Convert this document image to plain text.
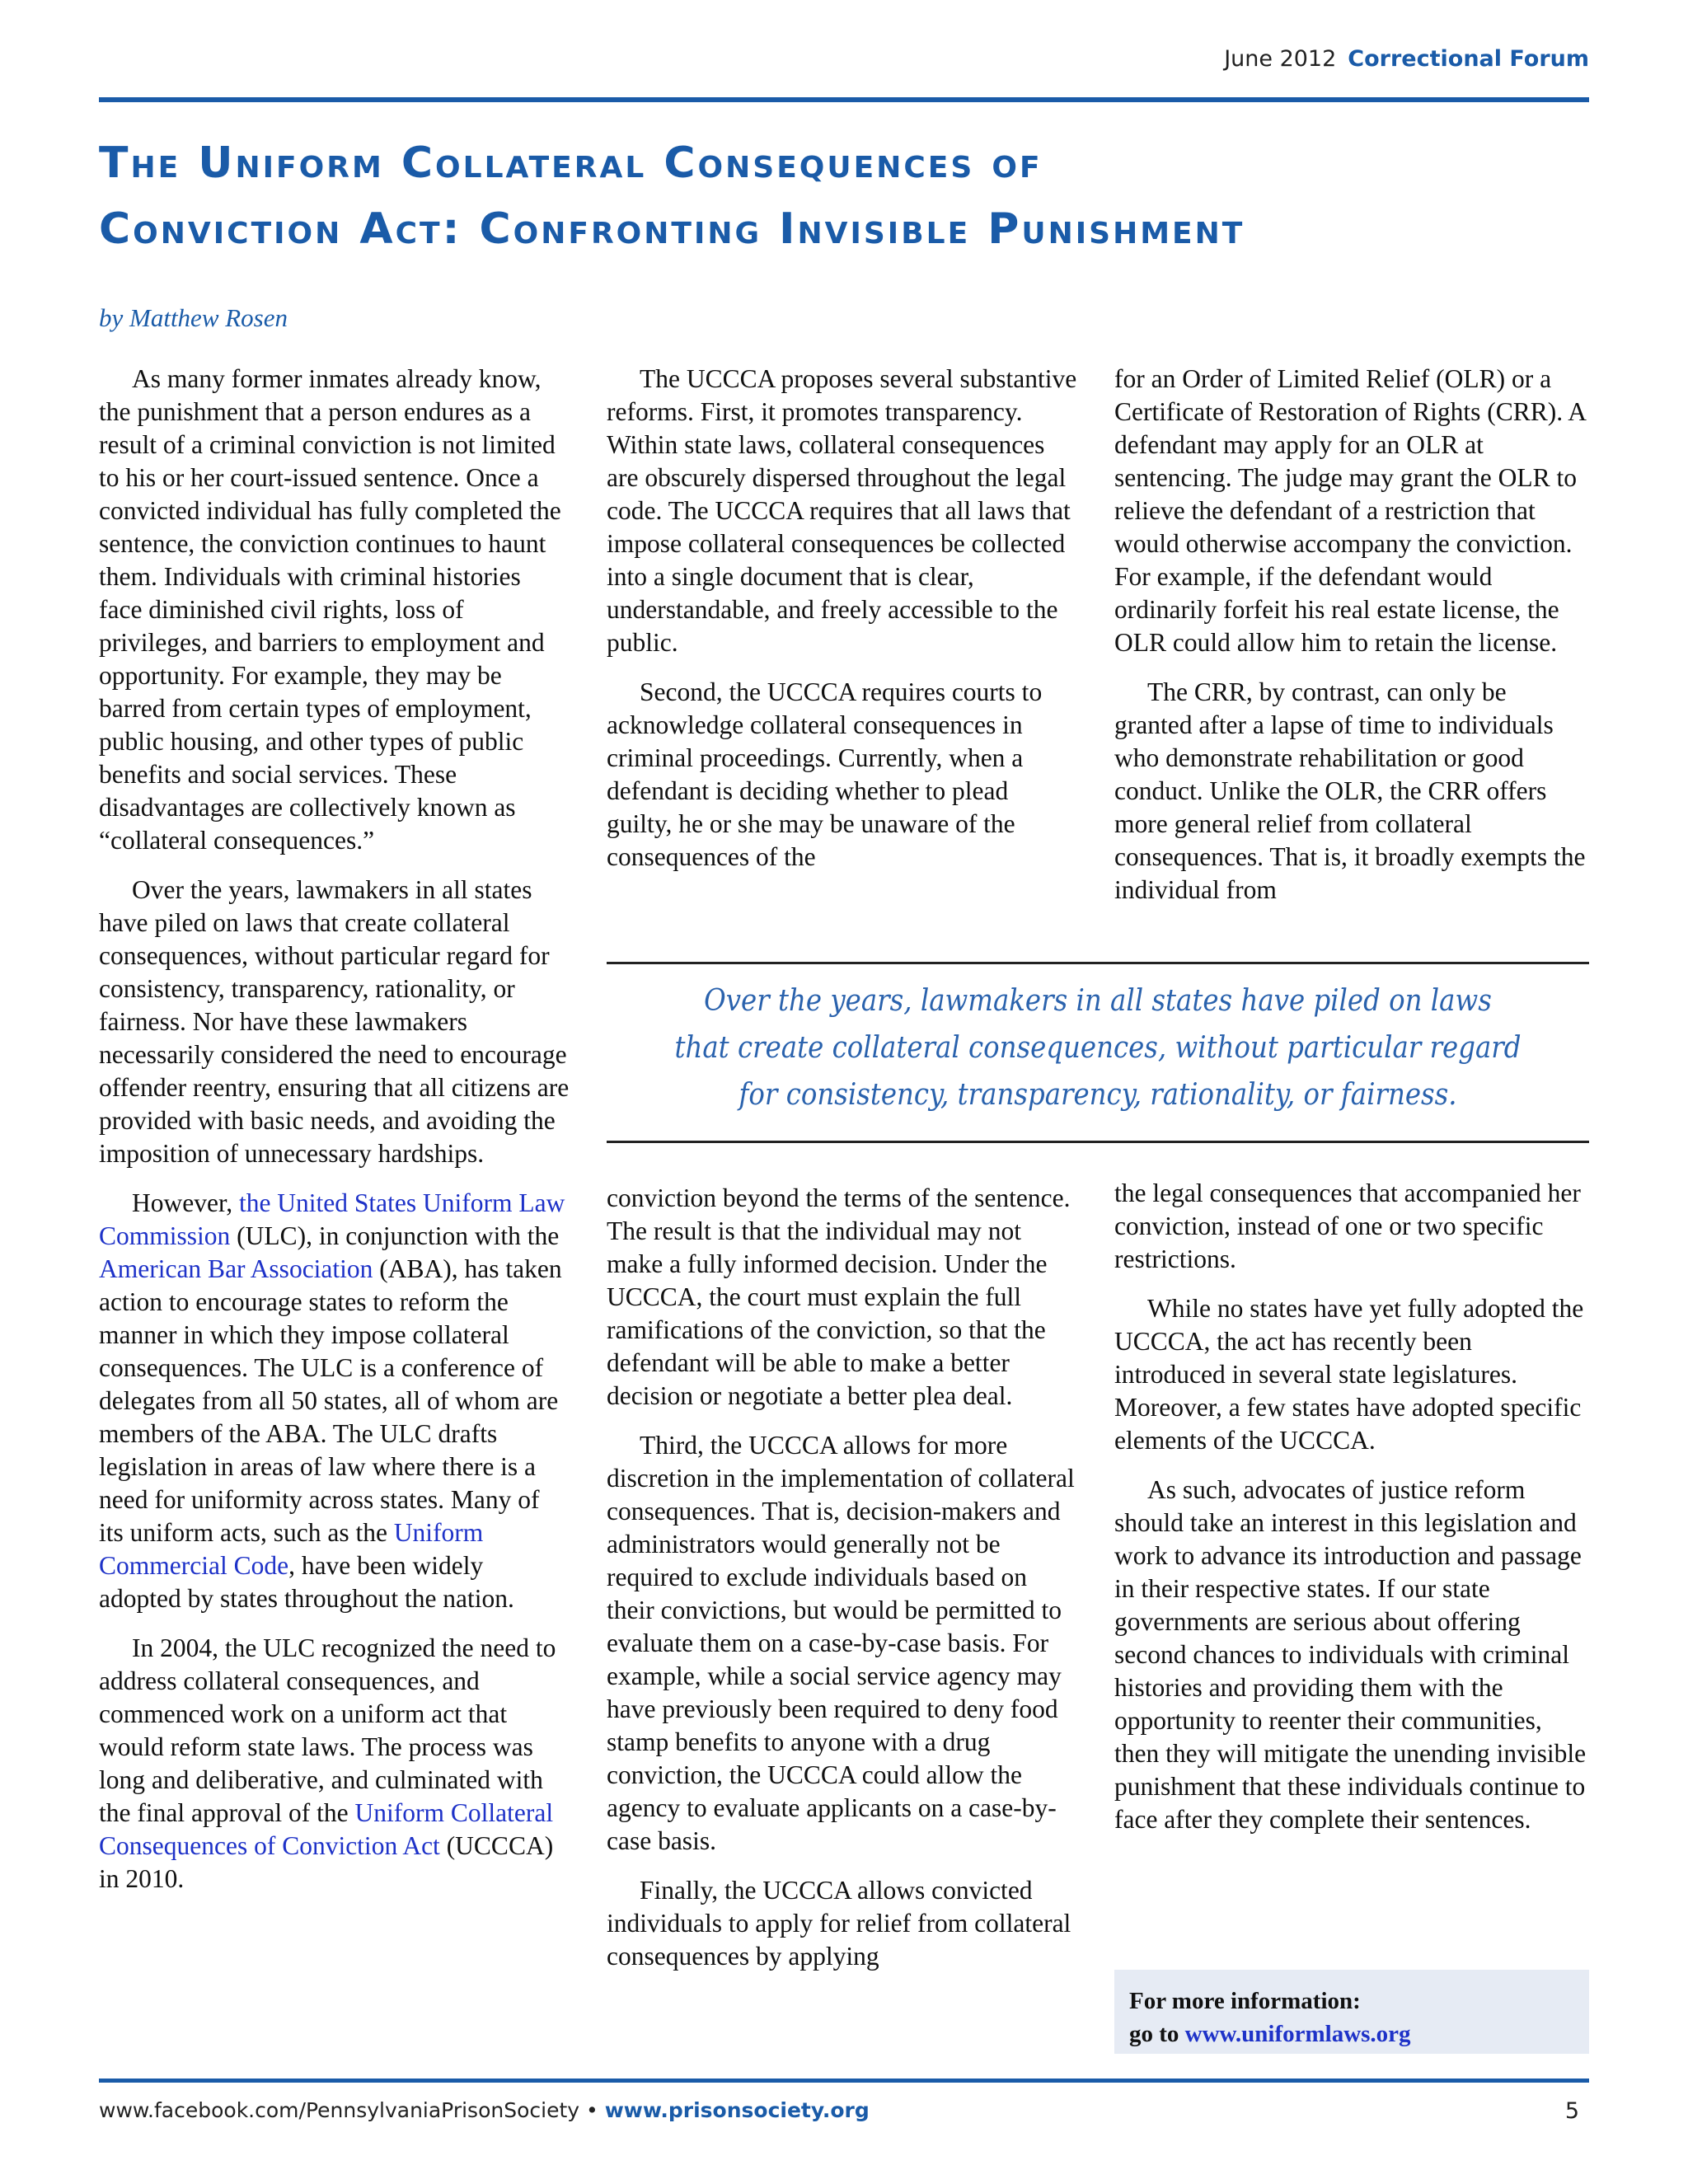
June 2012 Correctional Forum
The Uniform Collateral Consequences of
Conviction Act: Confronting Invisible Punishment
by Matthew Rosen

As many former inmates already know, the punishment that a person endures as a result of a criminal conviction is not limited to his or her court-issued sentence. Once a convicted individual has fully completed the sentence, the conviction continues to haunt them. Individuals with criminal histories face diminished civil rights, loss of privileges, and barriers to employment and opportunity. For example, they may be barred from certain types of employment, public housing, and other types of public benefits and social services. These disadvantages are collectively known as “collateral consequences.”

Over the years, lawmakers in all states have piled on laws that create collateral consequences, without particular regard for consistency, transparency, rationality, or fairness. Nor have these lawmakers necessarily considered the need to encourage offender reentry, ensuring that all citizens are provided with basic needs, and avoiding the imposition of unnecessary hardships.

However, the United States Uniform Law Commission (ULC), in conjunction with the American Bar Association (ABA), has taken action to encourage states to reform the manner in which they impose collateral consequences. The ULC is a conference of delegates from all 50 states, all of whom are members of the ABA. The ULC drafts legislation in areas of law where there is a need for uniformity across states. Many of its uniform acts, such as the Uniform Commercial Code, have been widely adopted by states throughout the nation.

In 2004, the ULC recognized the need to address collateral consequences, and commenced work on a uniform act that would reform state laws. The process was long and deliberative, and culminated with the final approval of the Uniform Collateral Consequences of Conviction Act (UCCCA) in 2010.

The UCCCA proposes several substantive reforms. First, it promotes transparency. Within state laws, collateral consequences are obscurely dispersed throughout the legal code. The UCCCA requires that all laws that impose collateral consequences be collected into a single document that is clear, understandable, and freely accessible to the public.

Second, the UCCCA requires courts to acknowledge collateral consequences in criminal proceedings. Currently, when a defendant is deciding whether to plead guilty, he or she may be unaware of the consequences of the

for an Order of Limited Relief (OLR) or a Certificate of Restoration of Rights (CRR). A defendant may apply for an OLR at sentencing. The judge may grant the OLR to relieve the defendant of a restriction that would otherwise accompany the conviction. For example, if the defendant would ordinarily forfeit his real estate license, the OLR could allow him to retain the license.

The CRR, by contrast, can only be granted after a lapse of time to individuals who demonstrate rehabilitation or good conduct. Unlike the OLR, the CRR offers more general relief from collateral consequences. That is, it broadly exempts the individual from

Over the years, lawmakers in all states have piled on laws that create collateral consequences, without particular regard for consistency, transparency, rationality, or fairness.

conviction beyond the terms of the sentence. The result is that the individual may not make a fully informed decision. Under the UCCCA, the court must explain the full ramifications of the conviction, so that the defendant will be able to make a better decision or negotiate a better plea deal.

Third, the UCCCA allows for more discretion in the implementation of collateral consequences. That is, decision-makers and administrators would generally not be required to exclude individuals based on their convictions, but would be permitted to evaluate them on a case-by-case basis. For example, while a social service agency may have previously been required to deny food stamp benefits to anyone with a drug conviction, the UCCCA could allow the agency to evaluate applicants on a case-by-case basis.

Finally, the UCCCA allows convicted individuals to apply for relief from collateral consequences by applying

the legal consequences that accompanied her conviction, instead of one or two specific restrictions.

While no states have yet fully adopted the UCCCA, the act has recently been introduced in several state legislatures. Moreover, a few states have adopted specific elements of the UCCCA.

As such, advocates of justice reform should take an interest in this legislation and work to advance its introduction and passage in their respective states. If our state governments are serious about offering second chances to individuals with criminal histories and providing them with the opportunity to reenter their communities, then they will mitigate the unending invisible punishment that these individuals continue to face after they complete their sentences.

For more information:
go to www.uniformlaws.org
www.facebook.com/PennsylvaniaPrisonSociety • www.prisonsociety.org	5
